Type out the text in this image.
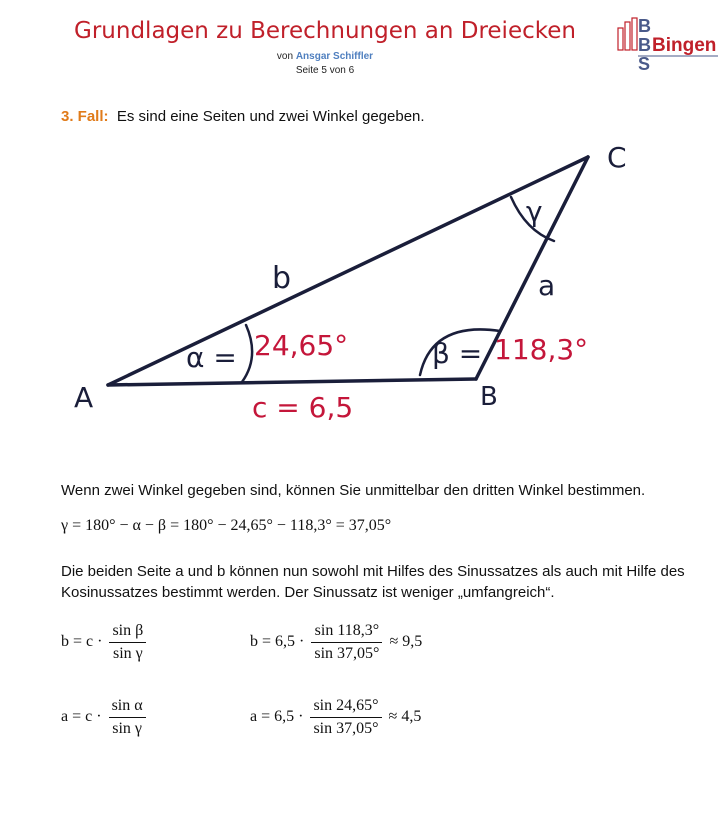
Grundlagen zu Berechnungen an Dreiecken
von Ansgar Schiffler
Seite 5 von 6
B
B
S
Bingen
3. Fall: Es sind eine Seiten und zwei Winkel gegeben.
A	B
C
b	a
c = 6,5
α = 24,65°	β = 118,3°
γ
Wenn zwei Winkel gegeben sind, können Sie unmittelbar den dritten Winkel bestimmen.
γ = 180° − α − β = 180° − 24,65° − 118,3° = 37,05°
Die beiden Seite a und b können nun sowohl mit Hilfes des Sinussatzes als auch mit Hilfe des Kosinussatzes bestimmt werden. Der Sinussatz ist weniger „umfangreich“.
$b = c \cdot \frac{\text{sin β}}{\text{sin γ}}$	$b = 6,5 \cdot \frac{\sin 118,3^\circ}{\sin 37,05^\circ} \approx 9,5$
$a = c \cdot \frac{\text{sin α}}{\text{sin γ}}$	$a = 6,5 \cdot \frac{\sin 24,65^\circ}{\sin 37,05^\circ} \approx 4,5$
